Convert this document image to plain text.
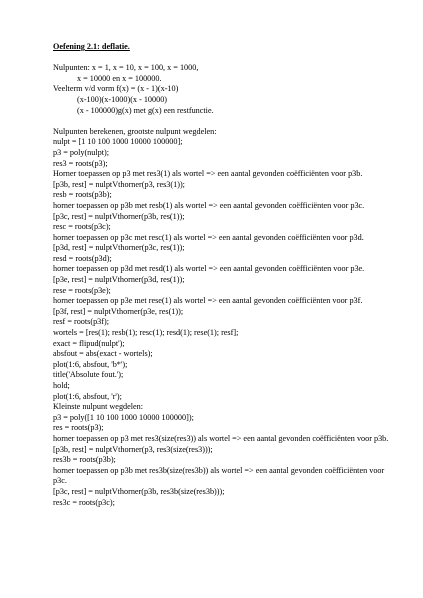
Oefening 2.1: deflatie.
Nulpunten: x = 1, x = 10, x = 100, x = 1000,
x = 10000 en x = 100000.
Veelterm v/d vorm f(x) = (x - 1)(x-10)
(x-100)(x-1000)(x - 10000)
(x - 100000)g(x) met g(x) een restfunctie.
Nulpunten berekenen, grootste nulpunt wegdelen:
nulpt = [1 10 100 1000 10000 100000];
p3 = poly(nulpt);
res3 = roots(p3);
Horner toepassen op p3 met res3(1) als wortel => een aantal gevonden coëfficiënten voor p3b.
[p3b, rest] = nulptVthorner(p3, res3(1));
resb = roots(p3b);
horner toepassen op p3b met resb(1) als wortel => een aantal gevonden coëfficiënten voor p3c.
[p3c, rest] = nulptVthorner(p3b, res(1));
resc = roots(p3c);
horner toepassen op p3c met resc(1) als wortel => een aantal gevonden coëfficiënten voor p3d.
[p3d, rest] = nulptVthorner(p3c, res(1));
resd = roots(p3d);
horner toepassen op p3d met resd(1) als wortel => een aantal gevonden coëfficiënten voor p3e.
[p3e, rest] = nulptVthorner(p3d, res(1));
rese = roots(p3e);
horner toepassen op p3e met rese(1) als wortel => een aantal gevonden coëfficiënten voor p3f.
[p3f, rest] = nulptVthorner(p3e, res(1));
resf = roots(p3f);
wortels = [res(1); resb(1); resc(1); resd(1); rese(1); resf];
exact = flipud(nulpt');
absfout = abs(exact - wortels);
plot(1:6, absfout, 'b*');
title('Absolute fout.');
hold;
plot(1:6, absfout, 'r');
Kleinste nulpunt wegdelen:
p3 = poly([1 10 100 1000 10000 100000]);
res = roots(p3);
horner toepassen op p3 met res3(size(res3)) als wortel => een aantal gevonden coëfficiënten voor p3b.
[p3b, rest] = nulptVthorner(p3, res3(size(res3)));
res3b = roots(p3b);
horner toepassen op p3b met res3b(size(res3b)) als wortel => een aantal gevonden coëfficiënten voor p3c.
[p3c, rest] = nulptVthorner(p3b, res3b(size(res3b)));
res3c = roots(p3c);
